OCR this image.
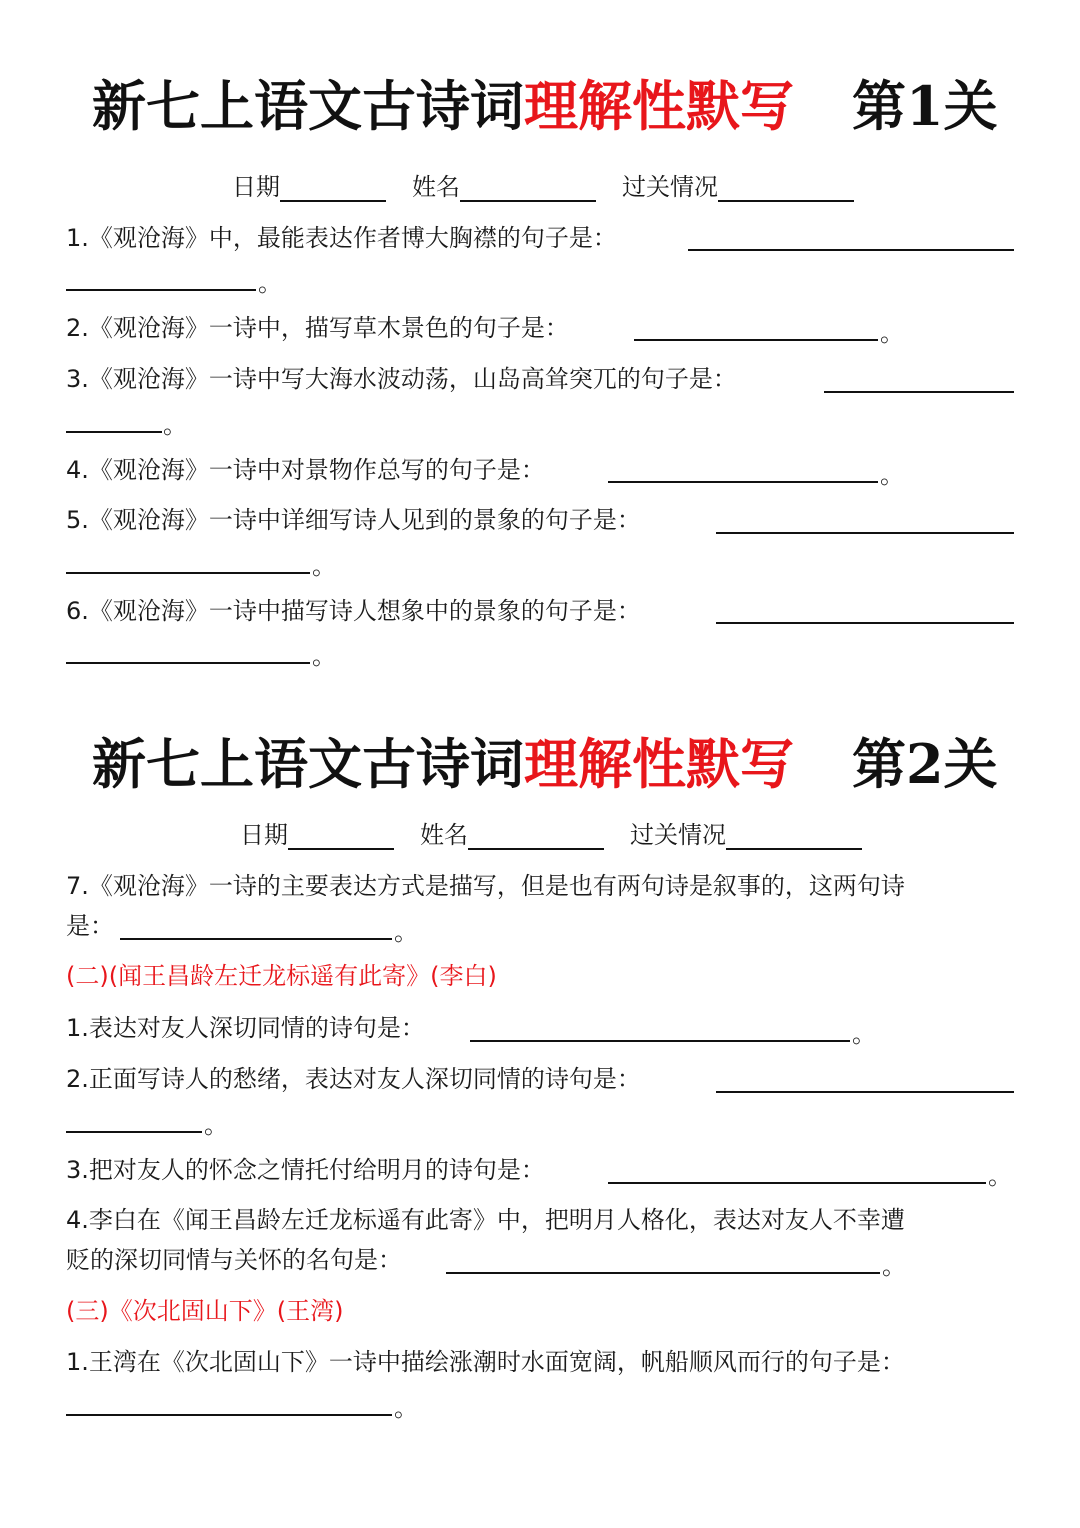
新七上语文古诗词理解性默写 第1关
日期	姓名	过关情况
1.《观沧海》中，最能表达作者博大胸襟的句子是：
。
2.《观沧海》一诗中，描写草木景色的句子是：	。
3.《观沧海》一诗中写大海水波动荡，山岛高耸突兀的句子是：
。
4.《观沧海》一诗中对景物作总写的句子是：	。
5.《观沧海》一诗中详细写诗人见到的景象的句子是：
。
6.《观沧海》一诗中描写诗人想象中的景象的句子是：
。
新七上语文古诗词理解性默写 第2关
日期	姓名	过关情况
7.《观沧海》一诗的主要表达方式是描写，但是也有两句诗是叙事的，这两句诗
是：	。
(二)(闻王昌龄左迁龙标遥有此寄》(李白)
1.表达对友人深切同情的诗句是：	。
2.正面写诗人的愁绪，表达对友人深切同情的诗句是：
。
3.把对友人的怀念之情托付给明月的诗句是：	。
4.李白在《闻王昌龄左迁龙标遥有此寄》中，把明月人格化，表达对友人不幸遭
贬的深切同情与关怀的名句是：	。
(三)《次北固山下》(王湾)
1.王湾在《次北固山下》一诗中描绘涨潮时水面宽阔，帆船顺风而行的句子是：
。
